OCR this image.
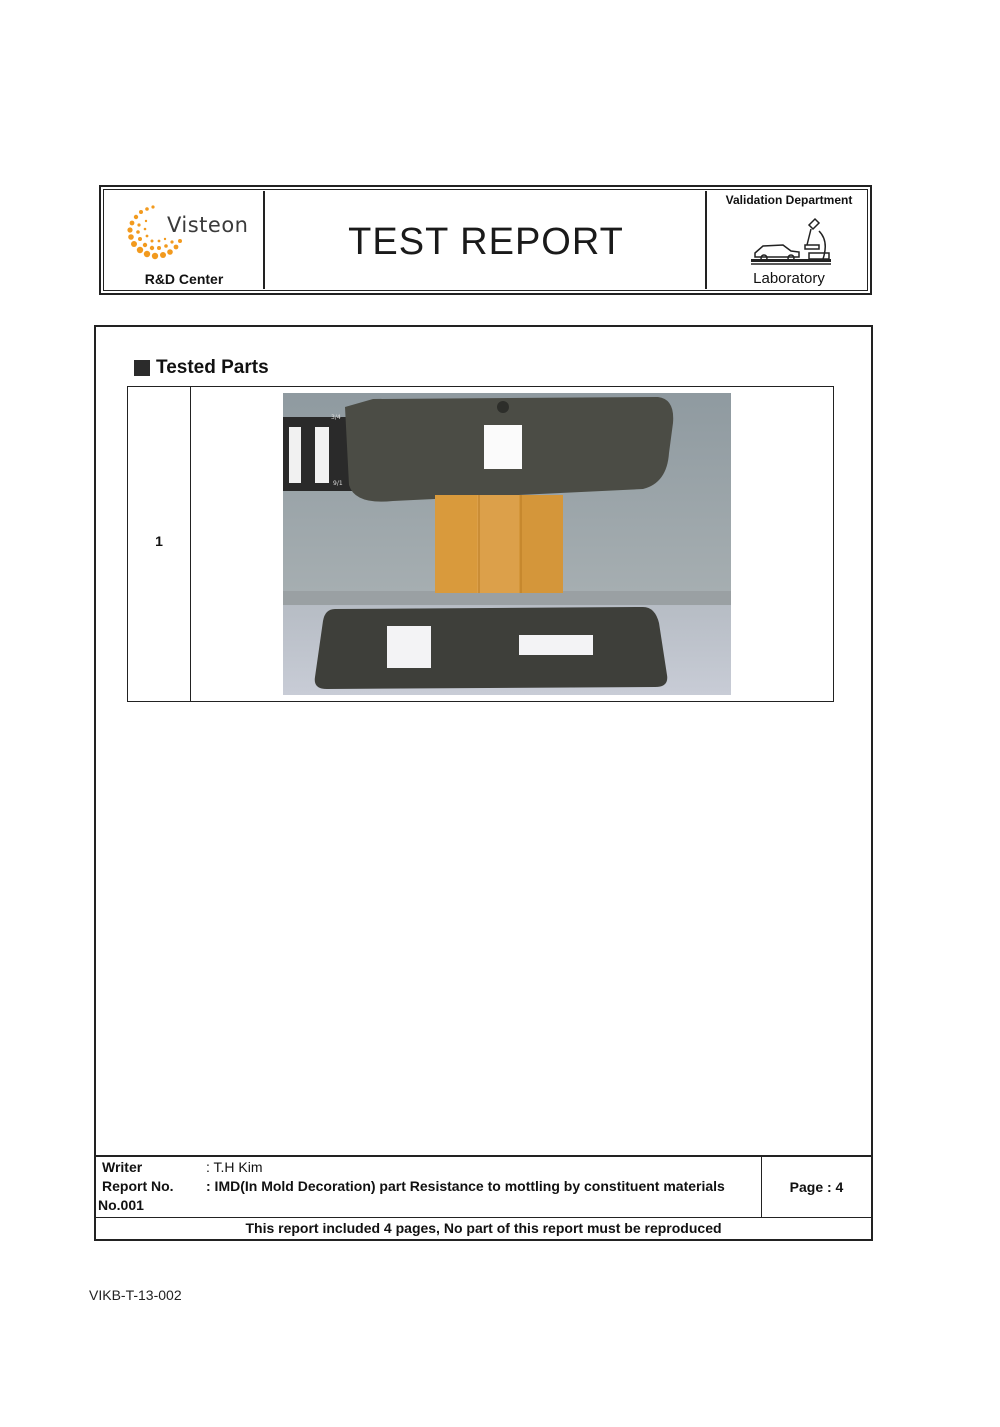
Visteon
R&D Center
TEST REPORT
Validation Department
Laboratory
Tested Parts
1
3/4
9/1
Writer	: T.H Kim
Report No. : IMD(In Mold Decoration) part Resistance to mottling by constituent materials
No.001
Page : 4
This report included 4 pages, No part of this report must be reproduced
VIKB-T-13-002
